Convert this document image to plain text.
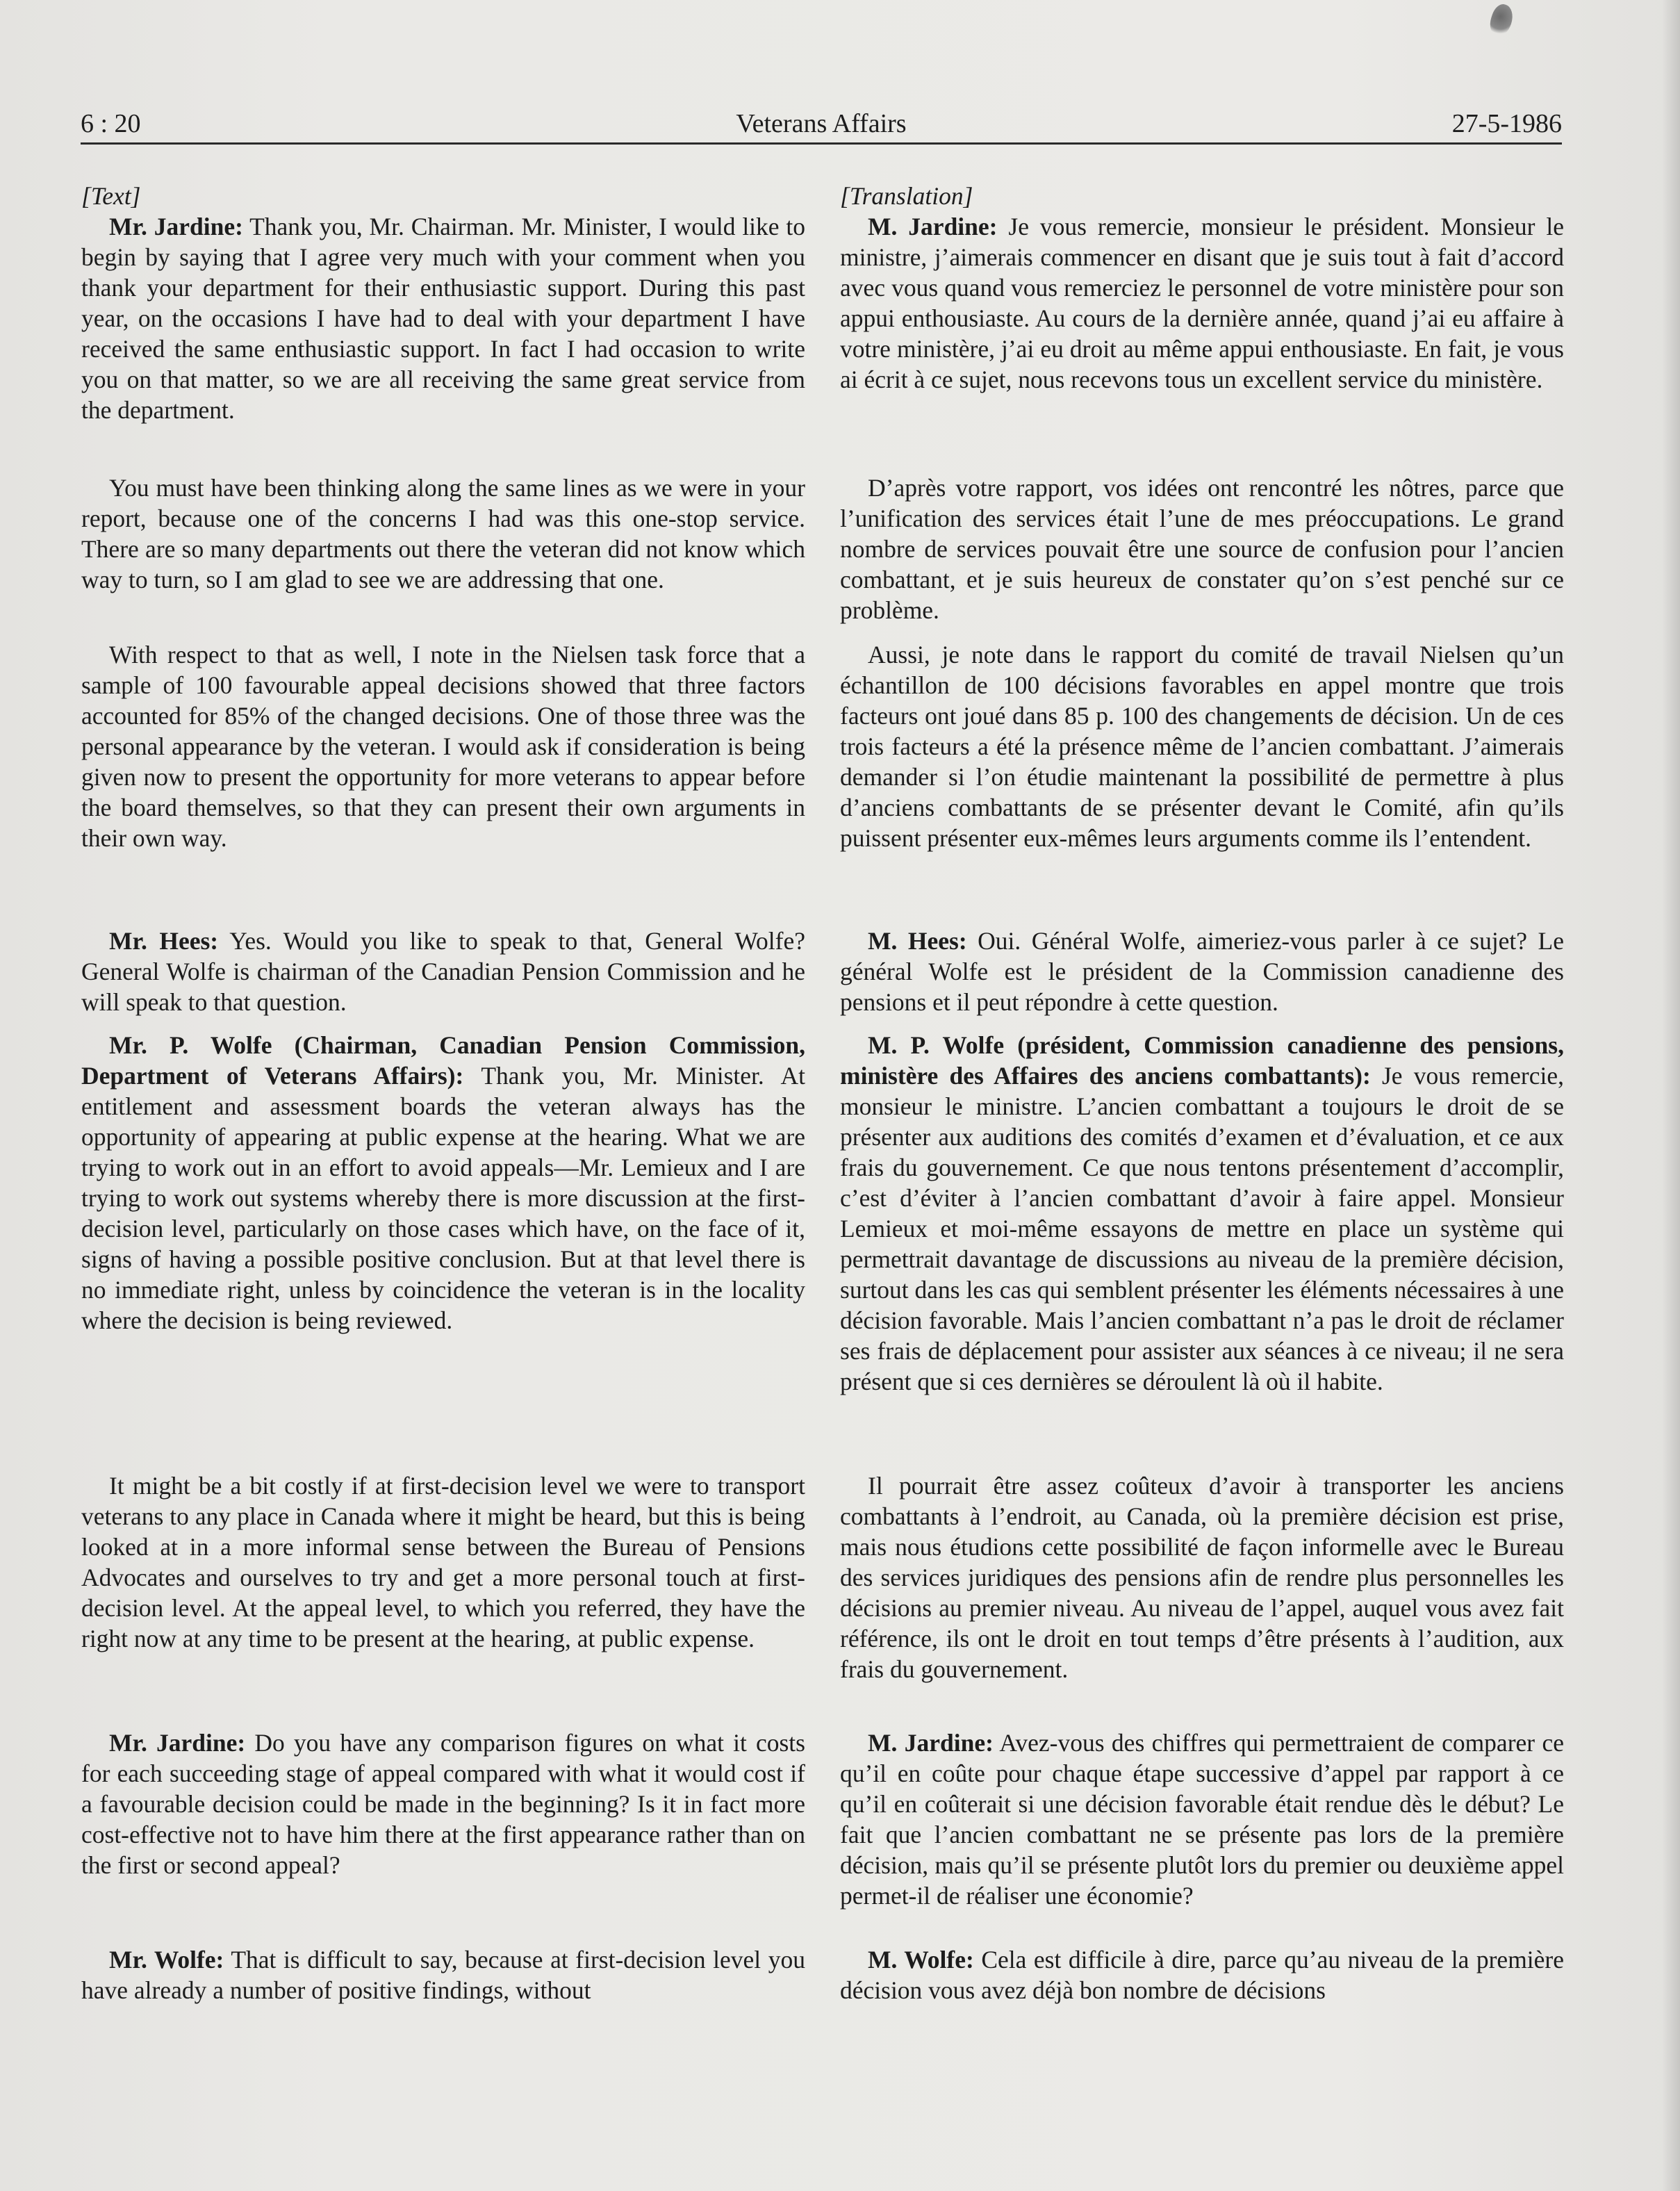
6 : 20	Veterans Affairs	27-5-1986
[Text]

Mr. Jardine: Thank you, Mr. Chairman. Mr. Minister, I would like to begin by saying that I agree very much with your comment when you thank your department for their enthusiastic support. During this past year, on the occasions I have had to deal with your department I have received the same enthusiastic support. In fact I had occasion to write you on that matter, so we are all receiving the same great service from the department.

You must have been thinking along the same lines as we were in your report, because one of the concerns I had was this one-stop service. There are so many departments out there the veteran did not know which way to turn, so I am glad to see we are addressing that one.

With respect to that as well, I note in the Nielsen task force that a sample of 100 favourable appeal decisions showed that three factors accounted for 85% of the changed decisions. One of those three was the personal appearance by the veteran. I would ask if consideration is being given now to present the opportunity for more veterans to appear before the board themselves, so that they can present their own arguments in their own way.

Mr. Hees: Yes. Would you like to speak to that, General Wolfe? General Wolfe is chairman of the Canadian Pension Commission and he will speak to that question.

Mr. P. Wolfe (Chairman, Canadian Pension Commission, Department of Veterans Affairs): Thank you, Mr. Minister. At entitlement and assessment boards the veteran always has the opportunity of appearing at public expense at the hearing. What we are trying to work out in an effort to avoid appeals—Mr. Lemieux and I are trying to work out systems whereby there is more discussion at the first-decision level, particularly on those cases which have, on the face of it, signs of having a possible positive conclusion. But at that level there is no immediate right, unless by coincidence the veteran is in the locality where the decision is being reviewed.

It might be a bit costly if at first-decision level we were to transport veterans to any place in Canada where it might be heard, but this is being looked at in a more informal sense between the Bureau of Pensions Advocates and ourselves to try and get a more personal touch at first-decision level. At the appeal level, to which you referred, they have the right now at any time to be present at the hearing, at public expense.

Mr. Jardine: Do you have any comparison figures on what it costs for each succeeding stage of appeal compared with what it would cost if a favourable decision could be made in the beginning? Is it in fact more cost-effective not to have him there at the first appearance rather than on the first or second appeal?

Mr. Wolfe: That is difficult to say, because at first-decision level you have already a number of positive findings, without

[Translation]

M. Jardine: Je vous remercie, monsieur le président. Monsieur le ministre, j’aimerais commencer en disant que je suis tout à fait d’accord avec vous quand vous remerciez le personnel de votre ministère pour son appui enthousiaste. Au cours de la dernière année, quand j’ai eu affaire à votre ministère, j’ai eu droit au même appui enthousiaste. En fait, je vous ai écrit à ce sujet, nous recevons tous un excellent service du ministère.

D’après votre rapport, vos idées ont rencontré les nôtres, parce que l’unification des services était l’une de mes préoccupations. Le grand nombre de services pouvait être une source de confusion pour l’ancien combattant, et je suis heureux de constater qu’on s’est penché sur ce problème.

Aussi, je note dans le rapport du comité de travail Nielsen qu’un échantillon de 100 décisions favorables en appel montre que trois facteurs ont joué dans 85 p. 100 des changements de décision. Un de ces trois facteurs a été la présence même de l’ancien combattant. J’aimerais demander si l’on étudie maintenant la possibilité de permettre à plus d’anciens combattants de se présenter devant le Comité, afin qu’ils puissent présenter eux-mêmes leurs arguments comme ils l’entendent.

M. Hees: Oui. Général Wolfe, aimeriez-vous parler à ce sujet? Le général Wolfe est le président de la Commission canadienne des pensions et il peut répondre à cette question.

M. P. Wolfe (président, Commission canadienne des pensions, ministère des Affaires des anciens combattants): Je vous remercie, monsieur le ministre. L’ancien combattant a toujours le droit de se présenter aux auditions des comités d’examen et d’évaluation, et ce aux frais du gouvernement. Ce que nous tentons présentement d’accomplir, c’est d’éviter à l’ancien combattant d’avoir à faire appel. Monsieur Lemieux et moi-même essayons de mettre en place un système qui permettrait davantage de discussions au niveau de la première décision, surtout dans les cas qui semblent présenter les éléments nécessaires à une décision favorable. Mais l’ancien combattant n’a pas le droit de réclamer ses frais de déplacement pour assister aux séances à ce niveau; il ne sera présent que si ces dernières se déroulent là où il habite.

Il pourrait être assez coûteux d’avoir à transporter les anciens combattants à l’endroit, au Canada, où la première décision est prise, mais nous étudions cette possibilité de façon informelle avec le Bureau des services juridiques des pensions afin de rendre plus personnelles les décisions au premier niveau. Au niveau de l’appel, auquel vous avez fait référence, ils ont le droit en tout temps d’être présents à l’audition, aux frais du gouvernement.

M. Jardine: Avez-vous des chiffres qui permettraient de comparer ce qu’il en coûte pour chaque étape successive d’appel par rapport à ce qu’il en coûterait si une décision favorable était rendue dès le début? Le fait que l’ancien combattant ne se présente pas lors de la première décision, mais qu’il se présente plutôt lors du premier ou deuxième appel permet-il de réaliser une économie?

M. Wolfe: Cela est difficile à dire, parce qu’au niveau de la première décision vous avez déjà bon nombre de décisions
